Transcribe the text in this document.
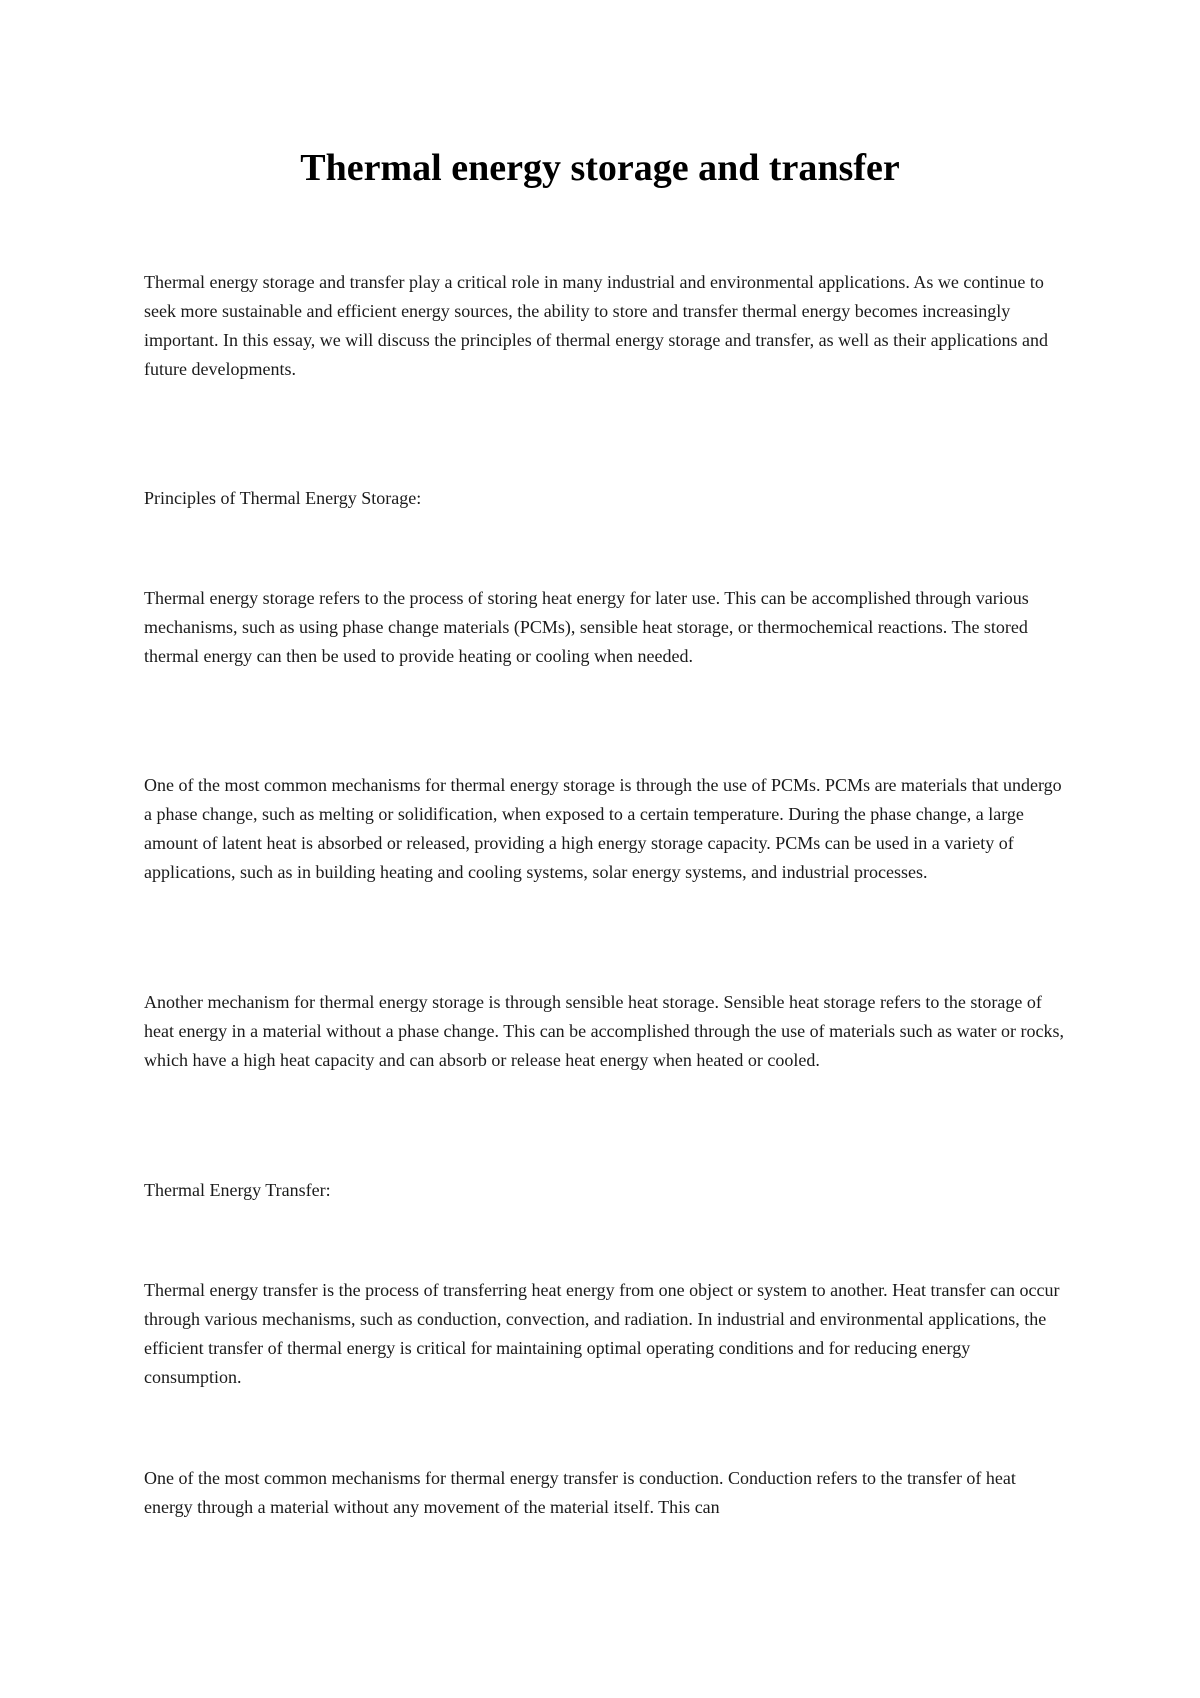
Thermal energy storage and transfer

Thermal energy storage and transfer play a critical role in many industrial and environmental applications. As we continue to seek more sustainable and efficient energy sources, the ability to store and transfer thermal energy becomes increasingly important. In this essay, we will discuss the principles of thermal energy storage and transfer, as well as their applications and future developments.

Principles of Thermal Energy Storage:

Thermal energy storage refers to the process of storing heat energy for later use. This can be accomplished through various mechanisms, such as using phase change materials (PCMs), sensible heat storage, or thermochemical reactions. The stored thermal energy can then be used to provide heating or cooling when needed.

One of the most common mechanisms for thermal energy storage is through the use of PCMs. PCMs are materials that undergo a phase change, such as melting or solidification, when exposed to a certain temperature. During the phase change, a large amount of latent heat is absorbed or released, providing a high energy storage capacity. PCMs can be used in a variety of applications, such as in building heating and cooling systems, solar energy systems, and industrial processes.

Another mechanism for thermal energy storage is through sensible heat storage. Sensible heat storage refers to the storage of heat energy in a material without a phase change. This can be accomplished through the use of materials such as water or rocks, which have a high heat capacity and can absorb or release heat energy when heated or cooled.

Thermal Energy Transfer:

Thermal energy transfer is the process of transferring heat energy from one object or system to another. Heat transfer can occur through various mechanisms, such as conduction, convection, and radiation. In industrial and environmental applications, the efficient transfer of thermal energy is critical for maintaining optimal operating conditions and for reducing energy consumption.

One of the most common mechanisms for thermal energy transfer is conduction. Conduction refers to the transfer of heat energy through a material without any movement of the material itself. This can
